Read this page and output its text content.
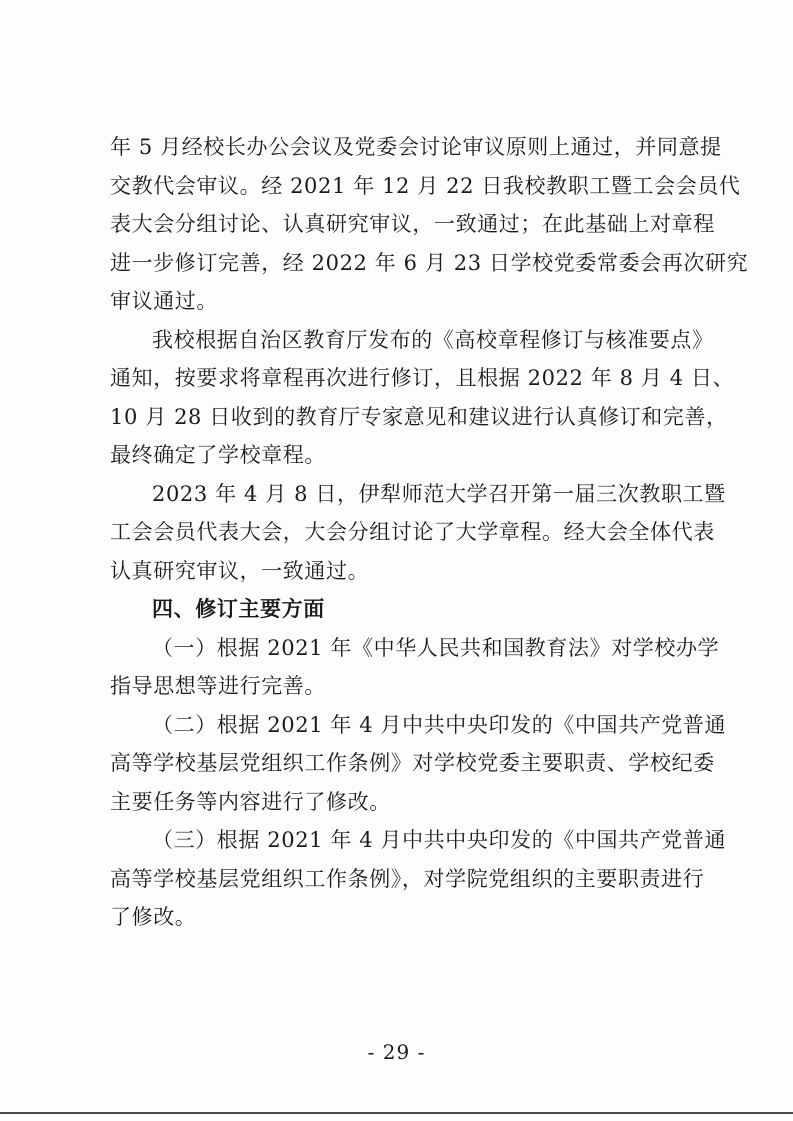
年 5 月经校长办公会议及党委会讨论审议原则上通过，并同意提
交教代会审议。经 2021 年 12 月 22 日我校教职工暨工会会员代
表大会分组讨论、认真研究审议，一致通过；在此基础上对章程
进一步修订完善，经 2022 年 6 月 23 日学校党委常委会再次研究
审议通过。
我校根据自治区教育厅发布的《高校章程修订与核准要点》
通知，按要求将章程再次进行修订，且根据 2022 年 8 月 4 日、
10 月 28 日收到的教育厅专家意见和建议进行认真修订和完善，
最终确定了学校章程。
2023 年 4 月 8 日，伊犁师范大学召开第一届三次教职工暨
工会会员代表大会，大会分组讨论了大学章程。经大会全体代表
认真研究审议，一致通过。
四、修订主要方面
（一）根据 2021 年《中华人民共和国教育法》对学校办学
指导思想等进行完善。
（二）根据 2021 年 4 月中共中央印发的《中国共产党普通
高等学校基层党组织工作条例》对学校党委主要职责、学校纪委
主要任务等内容进行了修改。
（三）根据 2021 年 4 月中共中央印发的《中国共产党普通
高等学校基层党组织工作条例》，对学院党组织的主要职责进行
了修改。
- 29 -
